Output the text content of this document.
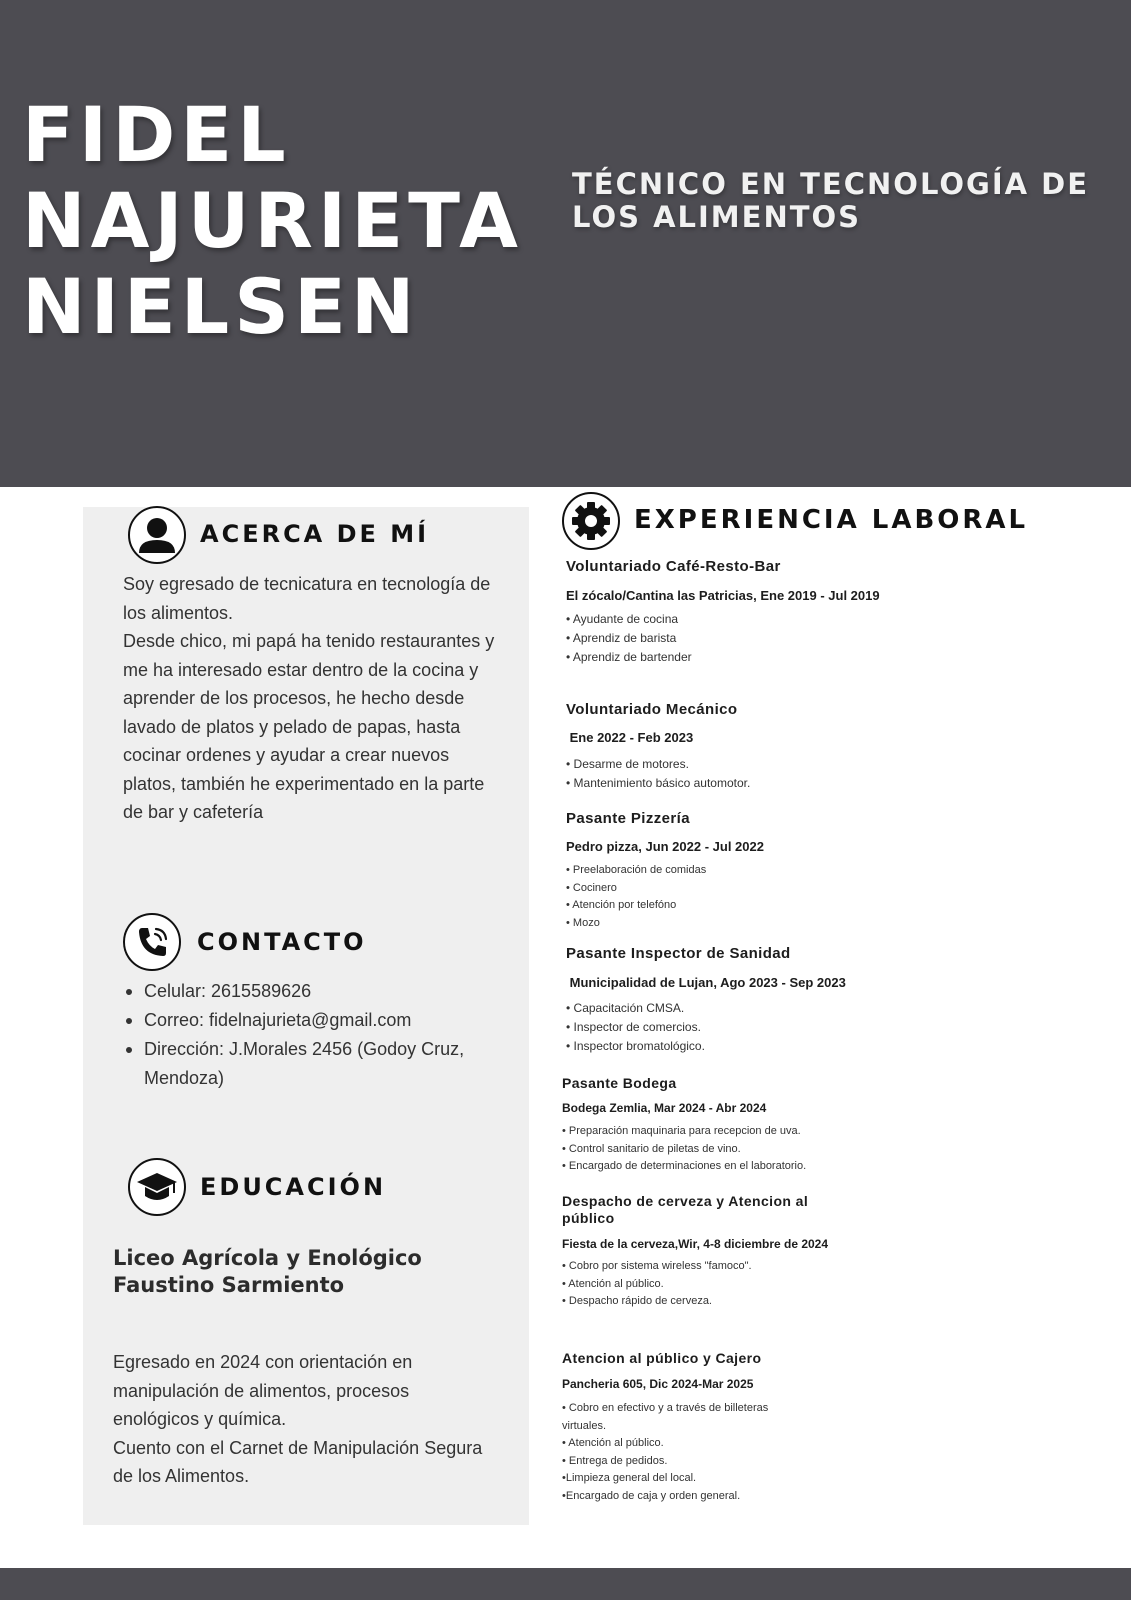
FIDEL
NAJURIETA
NIELSEN
TÉCNICO EN TECNOLOGÍA DE
LOS ALIMENTOS
ACERCA DE MÍ

Soy egresado de tecnicatura en tecnología de los alimentos.

Desde chico, mi papá ha tenido restaurantes y me ha interesado estar dentro de la cocina y aprender de los procesos, he hecho desde lavado de platos y pelado de papas, hasta cocinar ordenes y ayudar a crear nuevos platos, también he experimentado en la parte de bar y cafetería

CONTACTO
Celular: 2615589626
Correo: fidelnajurieta@gmail.com
Dirección: J.Morales 2456 (Godoy Cruz, Mendoza)
EDUCACIÓN
Liceo Agrícola y Enológico Faustino Sarmiento

Egresado en 2024 con orientación en manipulación de alimentos, procesos enológicos y química.

Cuento con el Carnet de Manipulación Segura de los Alimentos.

EXPERIENCIA LABORAL
Voluntariado Café-Resto-Bar
El zócalo/Cantina las Patricias, Ene 2019 - Jul 2019
• Ayudante de cocina
• Aprendiz de barista
• Aprendiz de bartender
Voluntariado Mecánico
Ene 2022 - Feb 2023
• Desarme de motores.
• Mantenimiento básico automotor.
Pasante Pizzería
Pedro pizza, Jun 2022 - Jul 2022
• Preelaboración de comidas
• Cocinero
• Atención por telefóno
• Mozo
Pasante Inspector de Sanidad
Municipalidad de Lujan, Ago 2023 - Sep 2023
• Capacitación CMSA.
• Inspector de comercios.
• Inspector bromatológico.
Pasante Bodega
Bodega Zemlia, Mar 2024 - Abr 2024
• Preparación maquinaria para recepcion de uva.
• Control sanitario de piletas de vino.
• Encargado de determinaciones en el laboratorio.
Despacho de cerveza y Atencion al público
Fiesta de la cerveza,Wir, 4-8 diciembre de 2024
• Cobro por sistema wireless "famoco".
• Atención al público.
• Despacho rápido de cerveza.
Atencion al público y Cajero
Pancheria 605, Dic 2024-Mar 2025
• Cobro en efectivo y a través de billeteras virtuales.
• Atención al público.
• Entrega de pedidos.
•Limpieza general del local.
•Encargado de caja y orden general.
